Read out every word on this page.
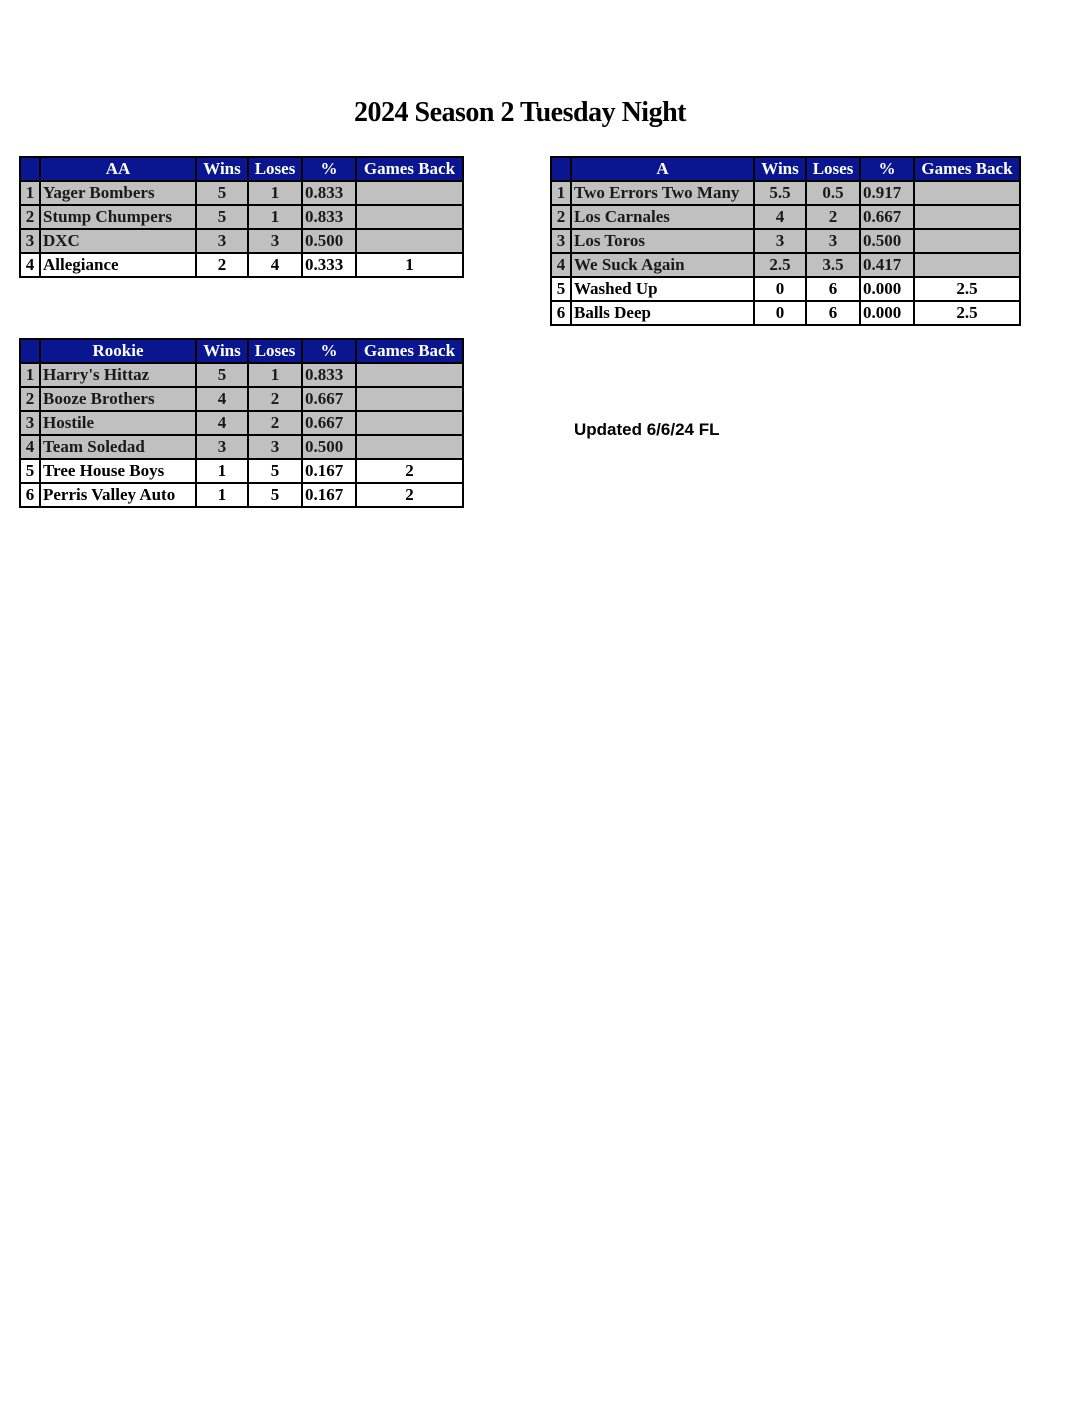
2024 Season 2 Tuesday Night
	AA	Wins	Loses	%	Games Back
1	Yager Bombers	5	1	0.833	
2	Stump Chumpers	5	1	0.833	
3	DXC	3	3	0.500	
4	Allegiance	2	4	0.333	1
	A	Wins	Loses	%	Games Back
1	Two Errors Two Many	5.5	0.5	0.917	
2	Los Carnales	4	2	0.667	
3	Los Toros	3	3	0.500	
4	We Suck Again	2.5	3.5	0.417	
5	Washed Up	0	6	0.000	2.5
6	Balls Deep	0	6	0.000	2.5
	Rookie	Wins	Loses	%	Games Back
1	Harry's Hittaz	5	1	0.833	
2	Booze Brothers	4	2	0.667	
3	Hostile	4	2	0.667	
4	Team Soledad	3	3	0.500	
5	Tree House Boys	1	5	0.167	2
6	Perris Valley Auto	1	5	0.167	2
Updated 6/6/24 FL
